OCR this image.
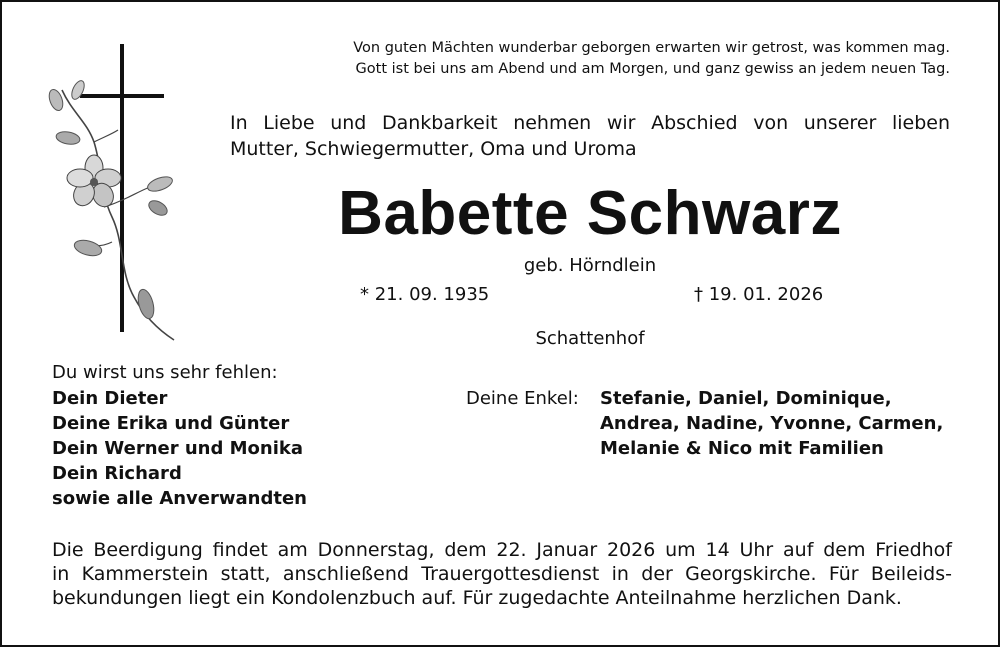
Von guten Mächten wunderbar geborgen erwarten wir getrost, was kommen mag.
Gott ist bei uns am Abend und am Morgen, und ganz gewiss an jedem neuen Tag.
In Liebe und Dankbarkeit nehmen wir Abschied von unserer lieben
Mutter, Schwiegermutter, Oma und Uroma
Babette Schwarz
geb. Hörndlein
* 21. 09. 1935	† 19. 01. 2026
Schattenhof
Du wirst uns sehr fehlen:
Dein Dieter
Deine Erika und Günter
Dein Werner und Monika
Dein Richard
sowie alle Anverwandten
Deine Enkel: Stefanie, Daniel, Dominique,
Andrea, Nadine, Yvonne, Carmen,
Melanie & Nico mit Familien
Die Beerdigung findet am Donnerstag, dem 22. Januar 2026 um 14 Uhr auf dem Friedhof
in Kammerstein statt, anschließend Trauergottesdienst in der Georgskirche. Für Beileids-
bekundungen liegt ein Kondolenzbuch auf. Für zugedachte Anteilnahme herzlichen Dank.
